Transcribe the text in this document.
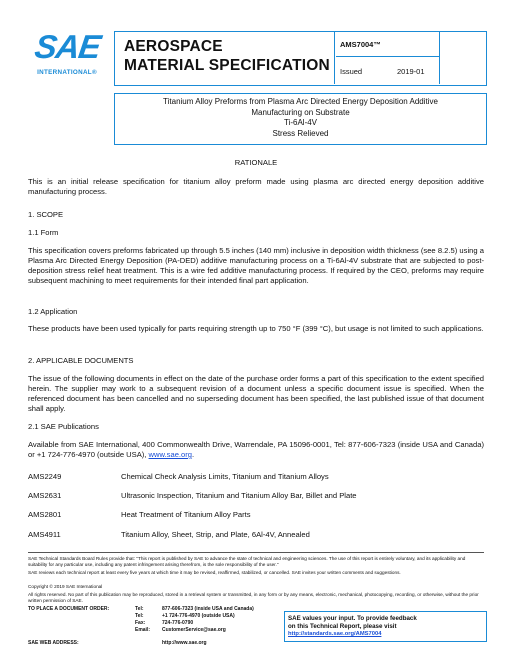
SAE
INTERNATIONAL®
AEROSPACE
MATERIAL SPECIFICATION
AMS7004™
Issued	2019-01
Titanium Alloy Preforms from Plasma Arc Directed Energy Deposition Additive
Manufacturing on Substrate
Ti-6Al-4V
Stress Relieved
RATIONALE
This is an initial release specification for titanium alloy preform made using plasma arc directed energy deposition additive manufacturing process.
1. SCOPE
1.1 Form
This specification covers preforms fabricated up through 5.5 inches (140 mm) inclusive in deposition width thickness (see 8.2.5) using a Plasma Arc Directed Energy Deposition (PA-DED) additive manufacturing process on a Ti-6Al-4V substrate that are subjected to post-deposition stress relief heat treatment. This is a wire fed additive manufacturing process. If required by the CEO, preforms may require subsequent machining to meet requirements for their intended final part application.
1.2 Application
These products have been used typically for parts requiring strength up to 750 °F (399 °C), but usage is not limited to such applications.
2. APPLICABLE DOCUMENTS
The issue of the following documents in effect on the date of the purchase order forms a part of this specification to the extent specified herein. The supplier may work to a subsequent revision of a document unless a specific document issue is specified. When the referenced document has been cancelled and no superseding document has been specified, the last published issue of that document shall apply.
2.1 SAE Publications
Available from SAE International, 400 Commonwealth Drive, Warrendale, PA 15096-0001, Tel: 877-606-7323 (inside USA and Canada) or +1 724-776-4970 (outside USA), www.sae.org.
AMS2249	Chemical Check Analysis Limits, Titanium and Titanium Alloys
AMS2631	Ultrasonic Inspection, Titanium and Titanium Alloy Bar, Billet and Plate
AMS2801	Heat Treatment of Titanium Alloy Parts
AMS4911	Titanium Alloy, Sheet, Strip, and Plate, 6Al-4V, Annealed
SAE Technical Standards Board Rules provide that: "This report is published by SAE to advance the state of technical and engineering sciences. The use of this report is entirely voluntary, and its applicability and suitability for any particular use, including any patent infringement arising therefrom, is the sole responsibility of the user."
SAE reviews each technical report at least every five years at which time it may be revised, reaffirmed, stabilized, or cancelled. SAE invites your written comments and suggestions.
Copyright © 2019 SAE International
All rights reserved. No part of this publication may be reproduced, stored in a retrieval system or transmitted, in any form or by any means, electronic, mechanical, photocopying, recording, or otherwise, without the prior written permission of SAE.
TO PLACE A DOCUMENT ORDER:	Tel:	877-606-7323 (inside USA and Canada)
Tel:	+1 724-776-4970 (outside USA)
Fax:	724-776-0790
Email: CustomerService@sae.org
SAE WEB ADDRESS:	http://www.sae.org
SAE values your input. To provide feedback
on this Technical Report, please visit
http://standards.sae.org/AMS7004
